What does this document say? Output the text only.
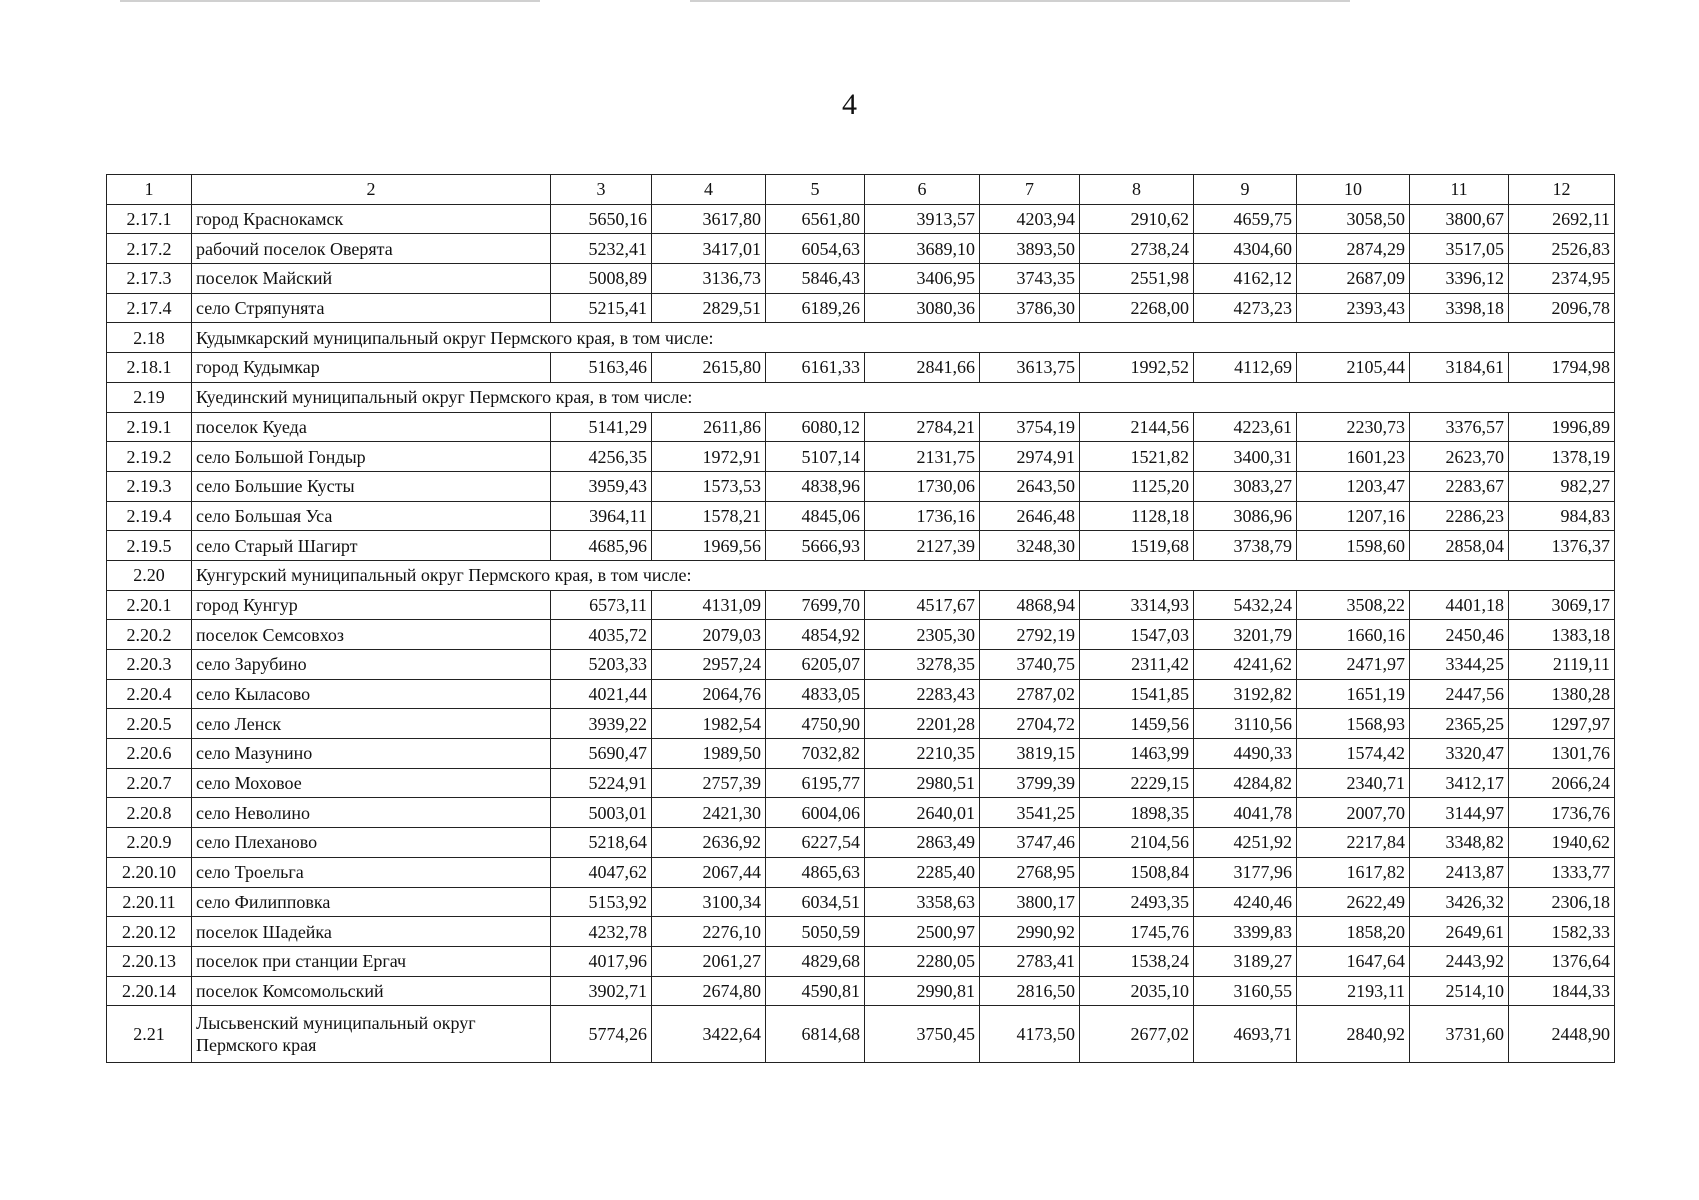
4
1	2	3	4	5	6	7	8	9	10	11	12
2.17.1	город Краснокамск	5650,16	3617,80	6561,80	3913,57	4203,94	2910,62	4659,75	3058,50	3800,67	2692,11
2.17.2	рабочий поселок Оверята	5232,41	3417,01	6054,63	3689,10	3893,50	2738,24	4304,60	2874,29	3517,05	2526,83
2.17.3	поселок Майский	5008,89	3136,73	5846,43	3406,95	3743,35	2551,98	4162,12	2687,09	3396,12	2374,95
2.17.4	село Стряпунята	5215,41	2829,51	6189,26	3080,36	3786,30	2268,00	4273,23	2393,43	3398,18	2096,78
2.18	Кудымкарский муниципальный округ Пермского края, в том числе:										
2.18.1	город Кудымкар	5163,46	2615,80	6161,33	2841,66	3613,75	1992,52	4112,69	2105,44	3184,61	1794,98
2.19	Куединский муниципальный округ Пермского края, в том числе:										
2.19.1	поселок Куеда	5141,29	2611,86	6080,12	2784,21	3754,19	2144,56	4223,61	2230,73	3376,57	1996,89
2.19.2	село Большой Гондыр	4256,35	1972,91	5107,14	2131,75	2974,91	1521,82	3400,31	1601,23	2623,70	1378,19
2.19.3	село Большие Кусты	3959,43	1573,53	4838,96	1730,06	2643,50	1125,20	3083,27	1203,47	2283,67	982,27
2.19.4	село Большая Уса	3964,11	1578,21	4845,06	1736,16	2646,48	1128,18	3086,96	1207,16	2286,23	984,83
2.19.5	село Старый Шагирт	4685,96	1969,56	5666,93	2127,39	3248,30	1519,68	3738,79	1598,60	2858,04	1376,37
2.20	Кунгурский муниципальный округ Пермского края, в том числе:										
2.20.1	город Кунгур	6573,11	4131,09	7699,70	4517,67	4868,94	3314,93	5432,24	3508,22	4401,18	3069,17
2.20.2	поселок Семсовхоз	4035,72	2079,03	4854,92	2305,30	2792,19	1547,03	3201,79	1660,16	2450,46	1383,18
2.20.3	село Зарубино	5203,33	2957,24	6205,07	3278,35	3740,75	2311,42	4241,62	2471,97	3344,25	2119,11
2.20.4	село Кыласово	4021,44	2064,76	4833,05	2283,43	2787,02	1541,85	3192,82	1651,19	2447,56	1380,28
2.20.5	село Ленск	3939,22	1982,54	4750,90	2201,28	2704,72	1459,56	3110,56	1568,93	2365,25	1297,97
2.20.6	село Мазунино	5690,47	1989,50	7032,82	2210,35	3819,15	1463,99	4490,33	1574,42	3320,47	1301,76
2.20.7	село Моховое	5224,91	2757,39	6195,77	2980,51	3799,39	2229,15	4284,82	2340,71	3412,17	2066,24
2.20.8	село Неволино	5003,01	2421,30	6004,06	2640,01	3541,25	1898,35	4041,78	2007,70	3144,97	1736,76
2.20.9	село Плеханово	5218,64	2636,92	6227,54	2863,49	3747,46	2104,56	4251,92	2217,84	3348,82	1940,62
2.20.10	село Троельга	4047,62	2067,44	4865,63	2285,40	2768,95	1508,84	3177,96	1617,82	2413,87	1333,77
2.20.11	село Филипповка	5153,92	3100,34	6034,51	3358,63	3800,17	2493,35	4240,46	2622,49	3426,32	2306,18
2.20.12	поселок Шадейка	4232,78	2276,10	5050,59	2500,97	2990,92	1745,76	3399,83	1858,20	2649,61	1582,33
2.20.13	поселок при станции Ергач	4017,96	2061,27	4829,68	2280,05	2783,41	1538,24	3189,27	1647,64	2443,92	1376,64
2.20.14	поселок Комсомольский	3902,71	2674,80	4590,81	2990,81	2816,50	2035,10	3160,55	2193,11	2514,10	1844,33
2.21	Лысьвенский муниципальный округ Пермского края	5774,26	3422,64	6814,68	3750,45	4173,50	2677,02	4693,71	2840,92	3731,60	2448,90
